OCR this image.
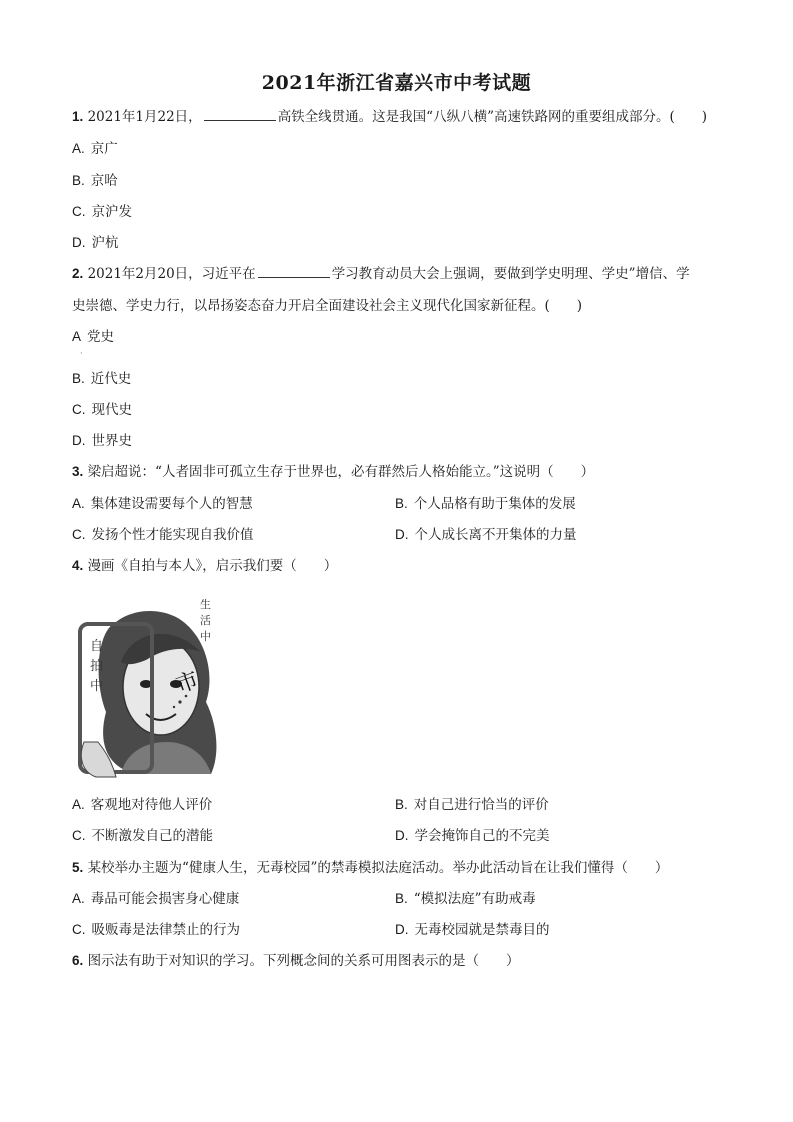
2021年浙江省嘉兴市中考试题
1. 2021年1月22日，	高铁全线贯通。这是我国“八纵八横”高速铁路网的重要组成部分。(　　)
A. 京广
B. 京哈
C. 京沪发
D. 沪杭
2. 2021年2月20日，习近平在	学习教育动员大会上强调，要做到学史明理、学史”增信、学
史崇德、学史力行，以昂扬姿态奋力开启全面建设社会主义现代化国家新征程。(　　)
A 党史
·
B. 近代史
C. 现代史
D. 世界史
3. 梁启超说：“人者固非可孤立生存于世界也，必有群然后人格始能立。”这说明（　　）
A. 集体建设需要每个人的智慧	B. 个人品格有助于集体的发展
C. 发扬个性才能实现自我价值	D. 个人成长离不开集体的力量
4. 漫画《自拍与本人》，启示我们要（　　）
自
拍
中
生
活
中
市
A. 客观地对待他人评价	B. 对自己进行恰当的评价
C. 不断激发自己的潜能	D. 学会掩饰自己的不完美
5. 某校举办主题为“健康人生，无毒校园”的禁毒模拟法庭活动。举办此活动旨在让我们懂得（　　）
A. 毒品可能会损害身心健康	B. “模拟法庭”有助戒毒
C. 吸贩毒是法律禁止的行为	D. 无毒校园就是禁毒目的
6. 图示法有助于对知识的学习。下列概念间的关系可用图表示的是（　　）
